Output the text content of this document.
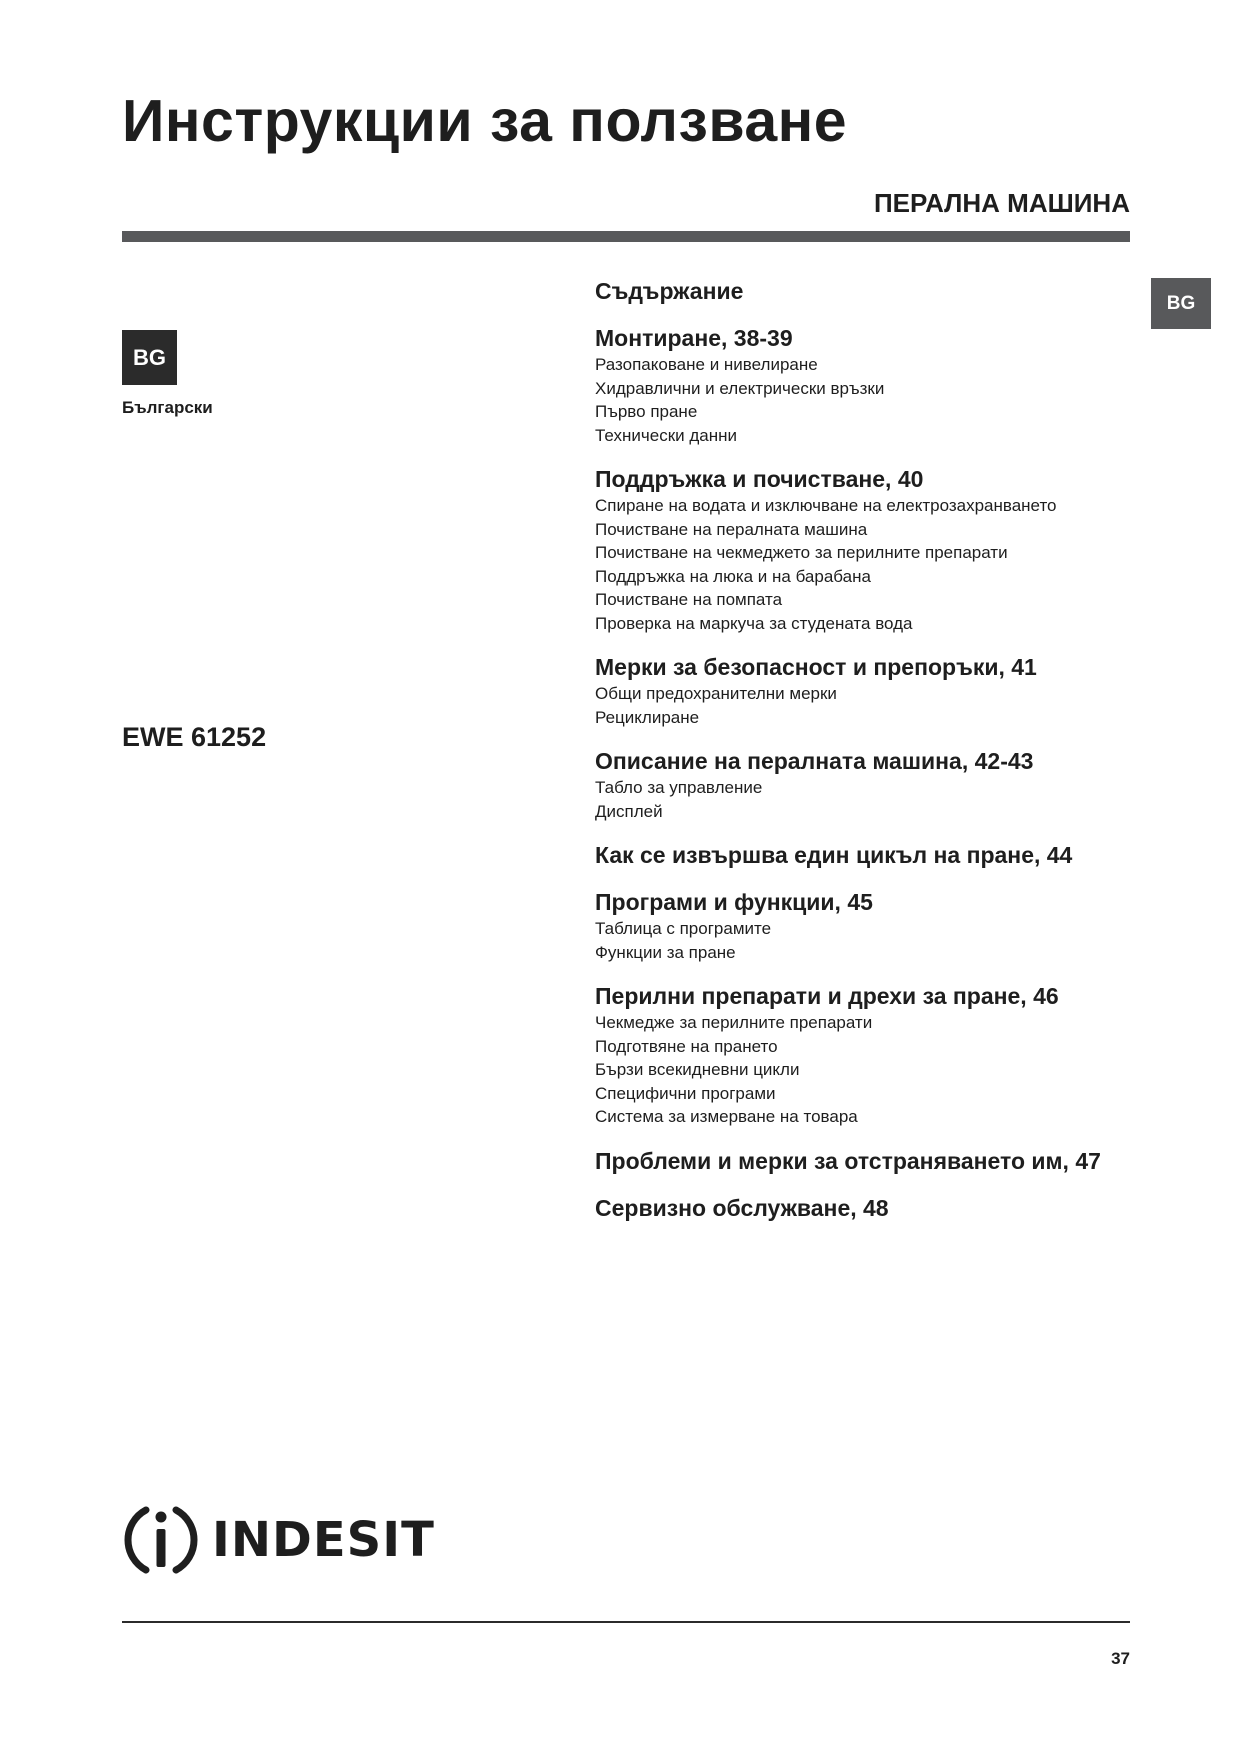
Инструкции за ползване
ПЕРАЛНА МАШИНА
BG
BG
Български
EWE 61252
Съдържание
Монтиране, 38-39
Разопаковане и нивелиране
Хидравлични и електрически връзки
Първо пране
Технически данни
Поддръжка и почистване, 40
Спиране на водата и изключване на електрозахранването
Почистване на пералната машина
Почистване на чекмеджето за перилните препарати
Поддръжка на люка и на барабана
Почистване на помпата
Проверка на маркуча за студената вода
Мерки за безопасност и препоръки, 41
Общи предохранителни мерки
Рециклиране
Описание на пералната машина, 42-43
Табло за управление
Дисплей
Как се извършва един цикъл на пране, 44
Програми и функции, 45
Таблица с програмите
Функции за пране
Перилни препарати и дрехи за пране, 46
Чекмедже за перилните препарати
Подготвяне на прането
Бързи всекидневни цикли
Специфични програми
Система за измерване на товара
Проблеми и мерки за отстраняването им, 47
Сервизно обслужване, 48
INDESIT
37
